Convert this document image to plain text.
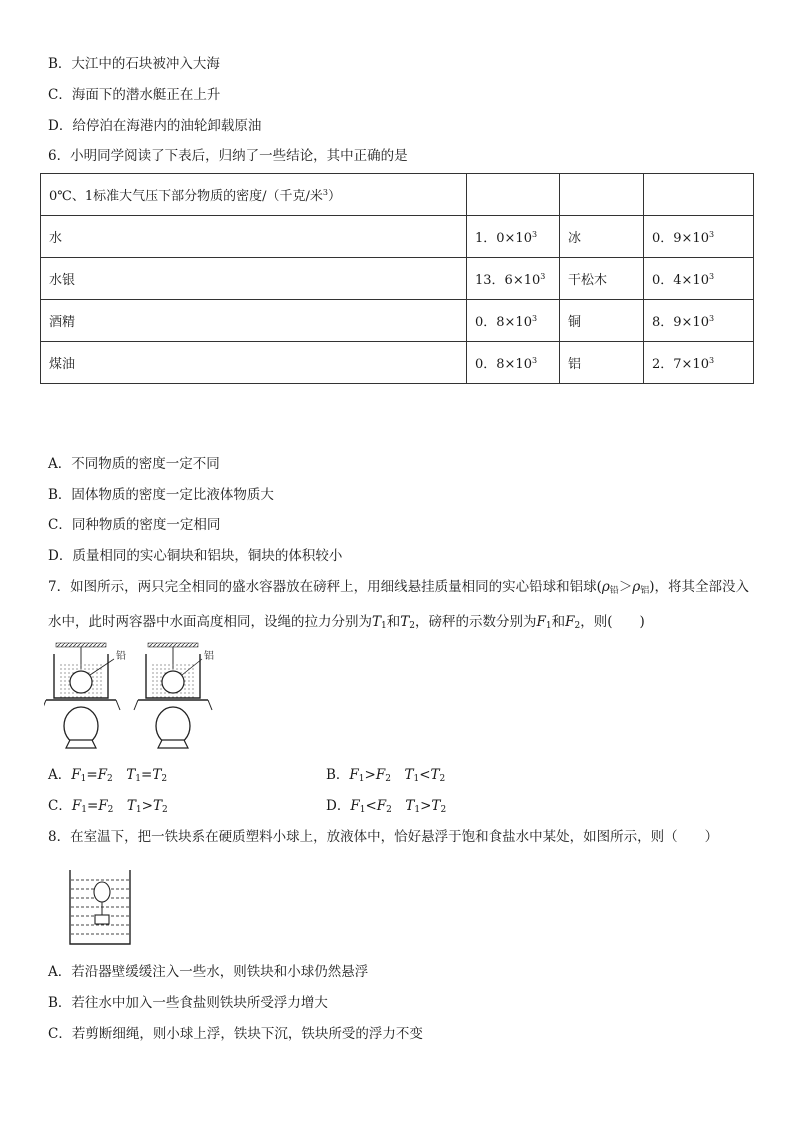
B．大江中的石块被冲入大海
C．海面下的潜水艇正在上升
D．给停泊在海港内的油轮卸载原油
6．小明同学阅读了下表后，归纳了一些结论，其中正确的是
0℃、1标准大气压下部分物质的密度/（千克/米$^3$）			
水	1．$0\times 10^3$	冰	0．$9\times 10^3$
水银	13．$6\times 10^3$	干松木	0．$4\times 10^3$
酒精	0．$8\times 10^3$	铜	8．$9\times 10^3$
煤油	0．$8\times 10^3$	铝	2．$7\times 10^3$
A．不同物质的密度一定不同
B．固体物质的密度一定比液体物质大
C．同种物质的密度一定相同
D．质量相同的实心铜块和铝块，铜块的体积较小
7．如图所示，两只完全相同的盛水容器放在磅秤上，用细线悬挂质量相同的实心铅球和铝球$(\rho_铅>\rho_铝)$，将其全部没入水中，此时两容器中水面高度相同，设绳的拉力分别为$T_1$和$T_2$，磅秤的示数分别为$F_1$和$F_2$，则(　　)
铅	铝
A．$F_1=F_2$　 $T_1=T_2$	B．$F_1>F_2$　 $T_1<T_2$
C．$F_1=F_2$　 $T_1>T_2$	D．$F_1<F_2$　 $T_1>T_2$
8．在室温下，把一铁块系在硬质塑料小球上，放液体中，恰好悬浮于饱和食盐水中某处，如图所示，则（　　）
A．若沿器壁缓缓注入一些水，则铁块和小球仍然悬浮
B．若往水中加入一些食盐则铁块所受浮力增大
C．若剪断细绳，则小球上浮，铁块下沉，铁块所受的浮力不变
